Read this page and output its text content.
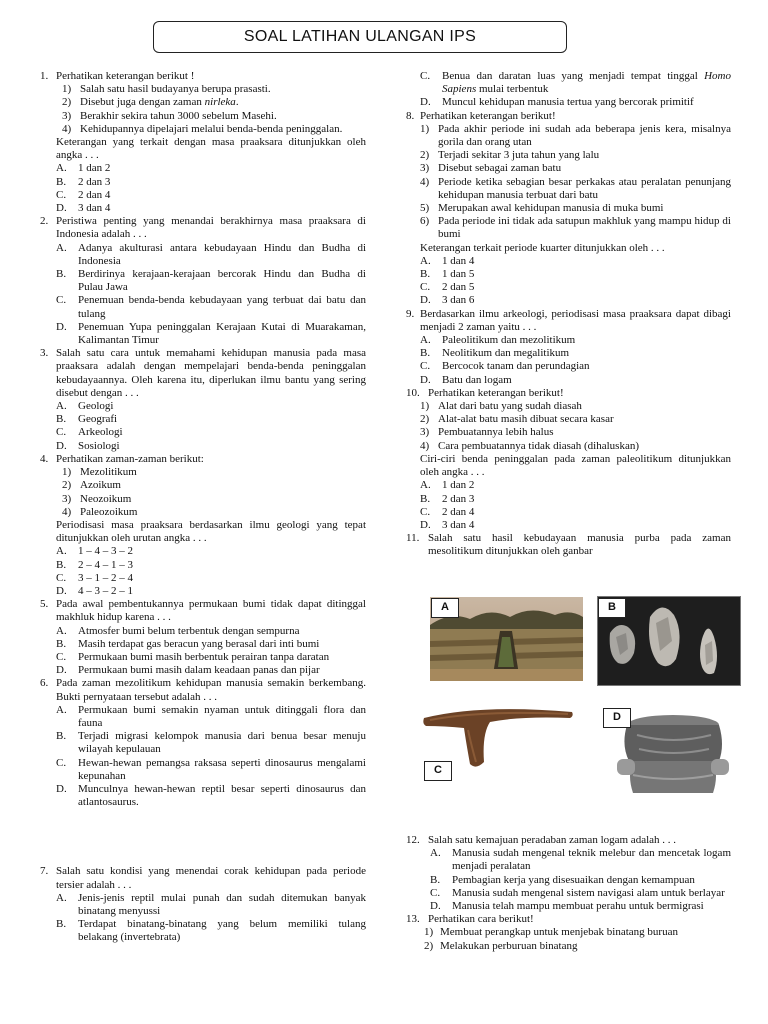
SOAL LATIHAN ULANGAN IPS
1. Perhatikan keterangan berikut !
1) Salah satu hasil budayanya berupa prasasti.
2) Disebut juga dengan zaman nirleka.
3) Berakhir sekira tahun 3000 sebelum Masehi.
4) Kehidupannya dipelajari melalui benda-benda peninggalan.
Keterangan yang terkait dengan masa praaksara ditunjukkan oleh angka . . .
A.	1 dan 2
B.	2 dan 3
C.	2 dan 4
D.	3 dan 4
2. Peristiwa penting yang menandai berakhirnya masa praaksara di Indonesia adalah . . .
A.	Adanya akulturasi antara kebudayaan Hindu dan Budha di Indonesia
B.	Berdirinya kerajaan-kerajaan bercorak Hindu dan Budha di Pulau Jawa
C.	Penemuan benda-benda kebudayaan yang terbuat dai batu dan tulang
D.	Penemuan Yupa peninggalan Kerajaan Kutai di Muarakaman, Kalimantan Timur
3. Salah satu cara untuk memahami kehidupan manusia pada masa praaksara adalah dengan mempelajari benda-benda peninggalan kebudayaannya. Oleh karena itu, diperlukan ilmu bantu yang sering disebut dengan . . .
A.	Geologi
B.	Geografi
C.	Arkeologi
D.	Sosiologi
4. Perhatikan zaman-zaman berikut:
1) Mezolitikum
2) Azoikum
3) Neozoikum
4) Paleozoikum
Periodisasi masa praaksara berdasarkan ilmu geologi yang tepat ditunjukkan oleh urutan angka . . .
A.	1 – 4 – 3 – 2
B.	2 – 4 – 1 – 3
C.	3 – 1 – 2 – 4
D.	4 – 3 – 2 – 1
5. Pada awal pembentukannya permukaan bumi tidak dapat ditinggal makhluk hidup karena . . .
A.	Atmosfer bumi belum terbentuk dengan sempurna
B.	Masih terdapat gas beracun yang berasal dari inti bumi
C.	Permukaan bumi masih berbentuk perairan tanpa daratan
D.	Permukaan bumi masih dalam keadaan panas dan pijar
6. Pada zaman mezolitikum kehidupan manusia semakin berkembang. Bukti pernyataan tersebut adalah . . .
A.	Permukaan bumi semakin nyaman untuk ditinggali flora dan fauna
B.	Terjadi migrasi kelompok manusia dari benua besar menuju wilayah kepulauan
C.	Hewan-hewan pemangsa raksasa seperti dinosaurus mengalami kepunahan
D.	Munculnya hewan-hewan reptil besar seperti dinosaurus dan atlantosaurus.
7. Salah satu kondisi yang menendai corak kehidupan pada periode tersier adalah . . .
A.	Jenis-jenis reptil mulai punah dan sudah ditemukan banyak binatang menyussi
B.	Terdapat binatang-binatang yang belum memiliki tulang belakang (invertebrata)
C.	Benua dan daratan luas yang menjadi tempat tinggal Homo Sapiens mulai terbentuk
D.	Muncul kehidupan manusia tertua yang bercorak primitif
8. Perhatikan keterangan berikut!
1) Pada akhir periode ini sudah ada beberapa jenis kera, misalnya gorila dan orang utan
2) Terjadi sekitar 3 juta tahun yang lalu
3) Disebut sebagai zaman batu
4) Periode ketika sebagian besar perkakas atau peralatan penunjang kehidupan manusia terbuat dari batu
5) Merupakan awal kehidupan manusia di muka bumi
6) Pada periode ini tidak ada satupun makhluk yang mampu hidup di bumi
Keterangan terkait periode kuarter ditunjukkan oleh . . .
A.	1 dan 4
B.	1 dan 5
C.	2 dan 5
D.	3 dan 6
9. Berdasarkan ilmu arkeologi, periodisasi masa praaksara dapat dibagi menjadi 2 zaman yaitu . . .
A.	Paleolitikum dan mezolitikum
B.	Neolitikum dan megalitikum
C.	Bercocok tanam dan perundagian
D.	Batu dan logam
10. Perhatikan keterangan berikut!
1) Alat dari batu yang sudah diasah
2) Alat-alat batu masih dibuat secara kasar
3) Pembuatannya lebih halus
4) Cara pembuatannya tidak diasah (dihaluskan)
Ciri-ciri benda peninggalan pada zaman paleolitikum ditunjukkan oleh angka . . .
A.	1 dan 2
B.	2 dan 3
C.	2 dan 4
D.	3 dan 4
11. Salah satu hasil kebudayaan manusia purba pada zaman mesolitikum ditunjukkan oleh ganbar
A	B
C
D
12. Salah satu kemajuan peradaban zaman logam adalah . . .
A.	Manusia sudah mengenal teknik melebur dan mencetak logam menjadi peralatan
B.	Pembagian kerja yang disesuaikan dengan kemampuan
C.	Manusia sudah mengenal sistem navigasi alam untuk berlayar
D.	Manusia telah mampu membuat perahu untuk bermigrasi
13. Perhatikan cara berikut!
1) Membuat perangkap untuk menjebak binatang buruan
2) Melakukan perburuan binatang
